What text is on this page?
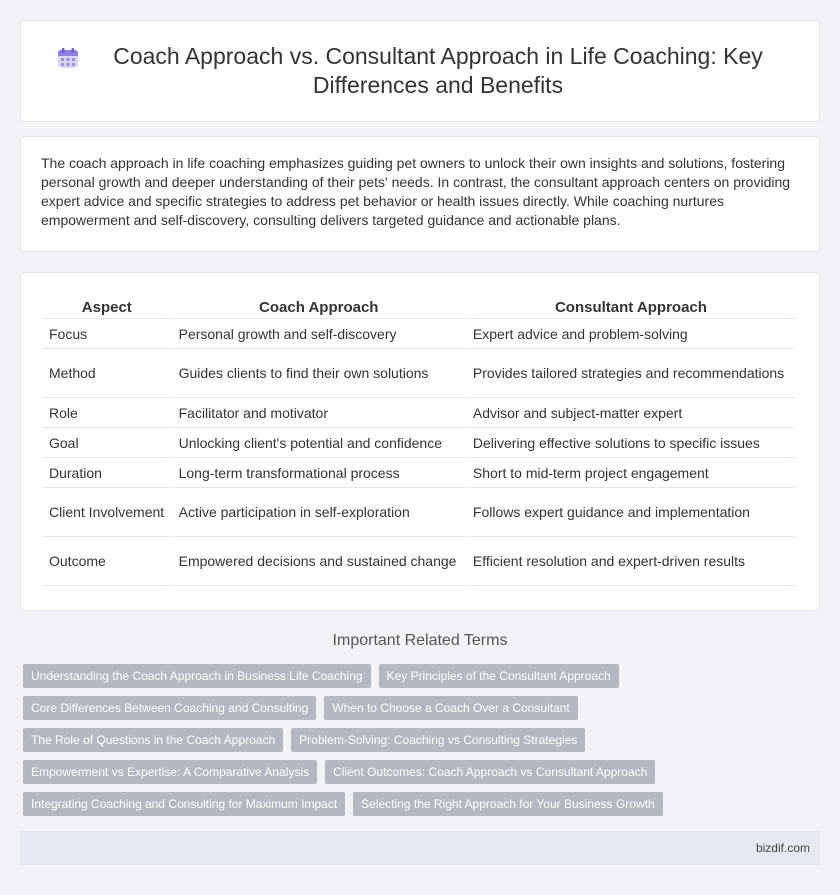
Coach Approach vs. Consultant Approach in Life Coaching: Key Differences and Benefits

The coach approach in life coaching emphasizes guiding pet owners to unlock their own insights and solutions, fostering personal growth and deeper understanding of their pets' needs. In contrast, the consultant approach centers on providing expert advice and specific strategies to address pet behavior or health issues directly. While coaching nurtures empowerment and self-discovery, consulting delivers targeted guidance and actionable plans.

Aspect	Coach Approach	Consultant Approach
Focus	Personal growth and self-discovery	Expert advice and problem-solving
Method	Guides clients to find their own solutions	Provides tailored strategies and recommendations
Role	Facilitator and motivator	Advisor and subject-matter expert
Goal	Unlocking client's potential and confidence	Delivering effective solutions to specific issues
Duration	Long-term transformational process	Short to mid-term project engagement
Client Involvement	Active participation in self-exploration	Follows expert guidance and implementation
Outcome	Empowered decisions and sustained change	Efficient resolution and expert-driven results
Important Related Terms
Understanding the Coach Approach in Business Life Coaching	Key Principles of the Consultant Approach
Core Differences Between Coaching and Consulting	When to Choose a Coach Over a Consultant
The Role of Questions in the Coach Approach	Problem-Solving: Coaching vs Consulting Strategies
Empowerment vs Expertise: A Comparative Analysis	Client Outcomes: Coach Approach vs Consultant Approach
Integrating Coaching and Consulting for Maximum Impact	Selecting the Right Approach for Your Business Growth
bizdif.com
